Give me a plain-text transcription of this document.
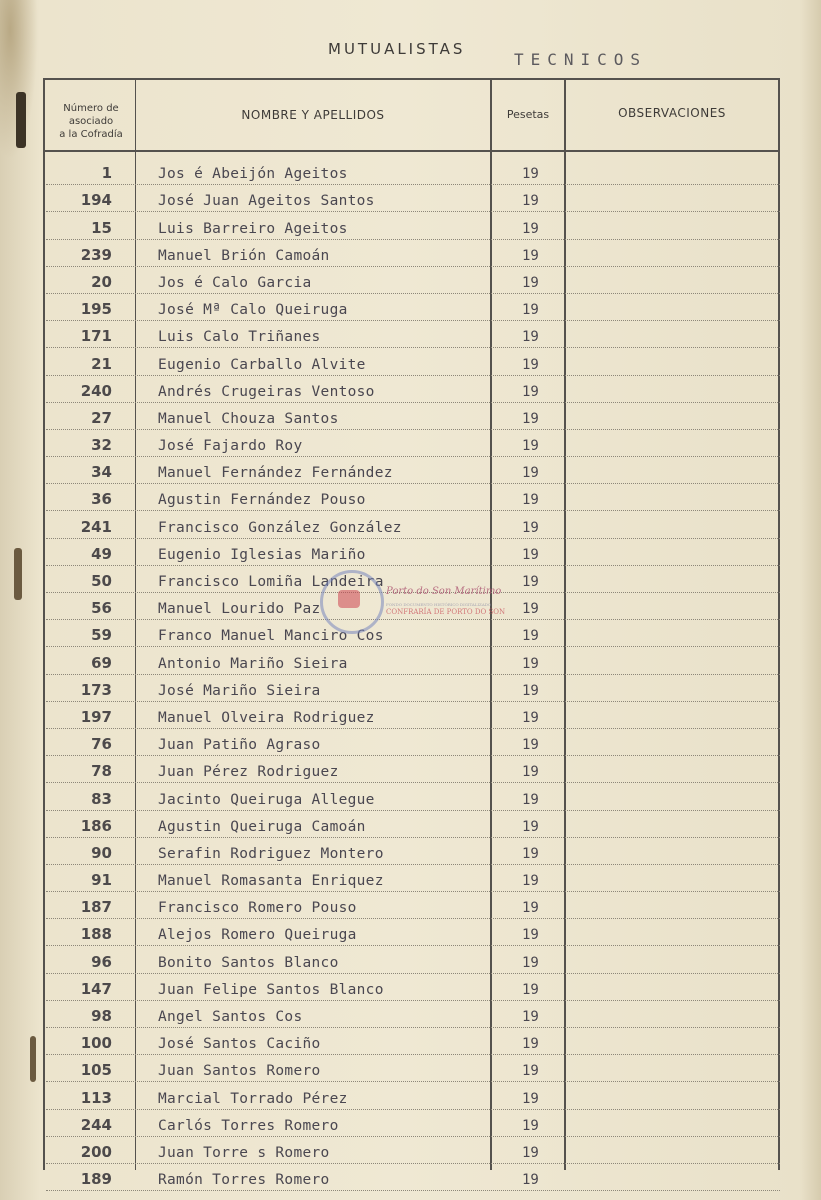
MUTUALISTAS
TECNICOS
Número de
asociado
a la Cofradía
NOMBRE Y APELLIDOS	Pesetas	OBSERVACIONES
1	Jos é Abeijón Ageitos	19
194	José Juan Ageitos Santos	19
15	Luis Barreiro Ageitos	19
239	Manuel Brión Camoán	19
20	Jos é Calo Garcia	19
195	José Mª Calo Queiruga	19
171	Luis Calo Triñanes	19
21	Eugenio Carballo Alvite	19
240	Andrés Crugeiras Ventoso	19
27	Manuel Chouza Santos	19
32	José Fajardo Roy	19
34	Manuel Fernández Fernández	19
36	Agustin Fernández Pouso	19
241	Francisco González González	19
49	Eugenio Iglesias Mariño	19
50	Francisco Lomiña Landeira	19
56	Manuel Lourido Paz	19
59	Franco Manuel Manciro Cos	19
69	Antonio Mariño Sieira	19
173	José Mariño Sieira	19
197	Manuel Olveira Rodriguez	19
76	Juan Patiño Agraso	19
78	Juan Pérez Rodriguez	19
83	Jacinto Queiruga Allegue	19
186	Agustin Queiruga Camoán	19
90	Serafin Rodriguez Montero	19
91	Manuel Romasanta Enriquez	19
187	Francisco Romero Pouso	19
188	Alejos Romero Queiruga	19
96	Bonito Santos Blanco	19
147	Juan Felipe Santos Blanco	19
98	Angel Santos Cos	19
100	José Santos Caciño	19
105	Juan Santos Romero	19
113	Marcial Torrado Pérez	19
244	Carlós Torres Romero	19
200	Juan Torre s Romero	19
189	Ramón Torres Romero	19
Porto do Son Marítimo
FONDO DOCUMENTO HISTÓRICO DIGITALIZADO
CONFRARÍA DE PORTO DO SON
